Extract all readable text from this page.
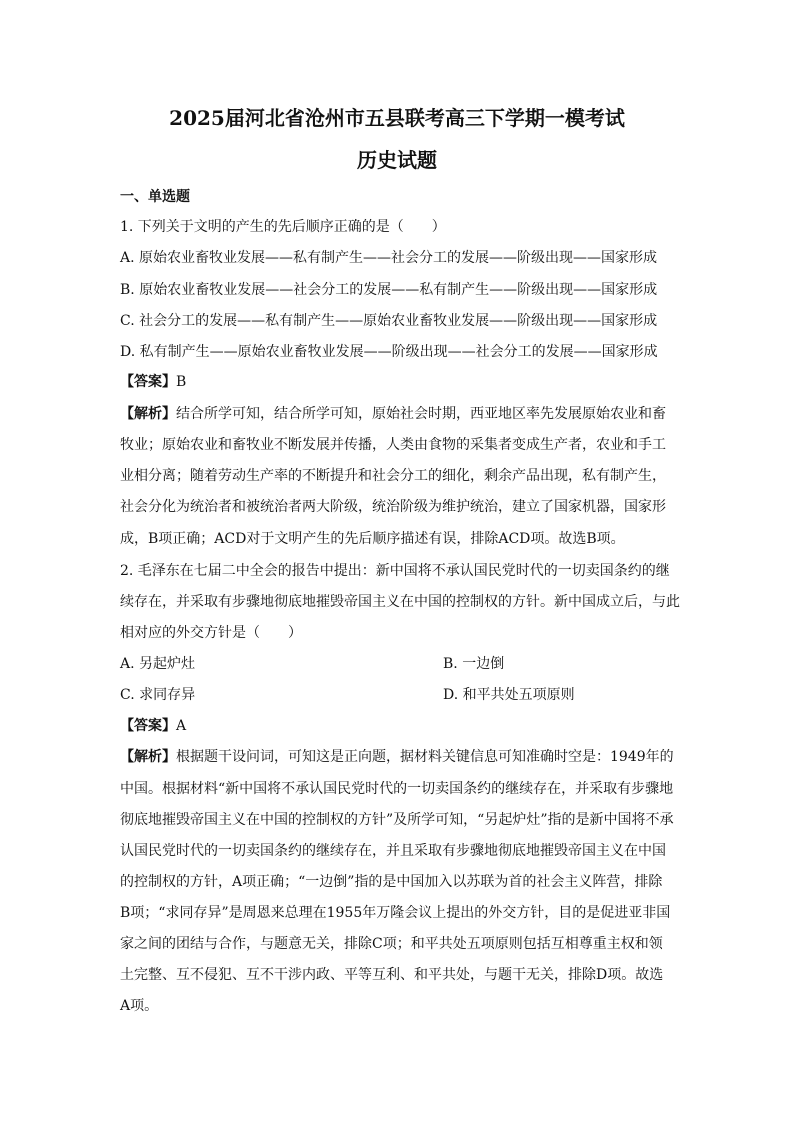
2025届河北省沧州市五县联考高三下学期一模考试
历史试题
一、单选题
1. 下列关于文明的产生的先后顺序正确的是（　　）
A. 原始农业畜牧业发展——私有制产生——社会分工的发展——阶级出现——国家形成
B. 原始农业畜牧业发展——社会分工的发展——私有制产生——阶级出现——国家形成
C. 社会分工的发展——私有制产生——原始农业畜牧业发展——阶级出现——国家形成
D. 私有制产生——原始农业畜牧业发展——阶级出现——社会分工的发展——国家形成
【答案】B
【解析】结合所学可知，结合所学可知，原始社会时期，西亚地区率先发展原始农业和畜
牧业；原始农业和畜牧业不断发展并传播，人类由食物的采集者变成生产者，农业和手工
业相分离；随着劳动生产率的不断提升和社会分工的细化，剩余产品出现，私有制产生，
社会分化为统治者和被统治者两大阶级，统治阶级为维护统治，建立了国家机器，国家形
成，B项正确；ACD对于文明产生的先后顺序描述有误，排除ACD项。故选B项。
2. 毛泽东在七届二中全会的报告中提出：新中国将不承认国民党时代的一切卖国条约的继
续存在，并采取有步骤地彻底地摧毁帝国主义在中国的控制权的方针。新中国成立后，与此
相对应的外交方针是（　　）
A. 另起炉灶	B. 一边倒
C. 求同存异	D. 和平共处五项原则
【答案】A
【解析】根据题干设问词，可知这是正向题，据材料关键信息可知准确时空是：1949年的
中国。根据材料“新中国将不承认国民党时代的一切卖国条约的继续存在，并采取有步骤地
彻底地摧毁帝国主义在中国的控制权的方针”及所学可知，“另起炉灶”指的是新中国将不承
认国民党时代的一切卖国条约的继续存在，并且采取有步骤地彻底地摧毁帝国主义在中国
的控制权的方针，A项正确；“一边倒”指的是中国加入以苏联为首的社会主义阵营，排除
B项；“求同存异”是周恩来总理在1955年万隆会议上提出的外交方针，目的是促进亚非国
家之间的团结与合作，与题意无关，排除C项；和平共处五项原则包括互相尊重主权和领
土完整、互不侵犯、互不干涉内政、平等互利、和平共处，与题干无关，排除D项。故选
A项。
